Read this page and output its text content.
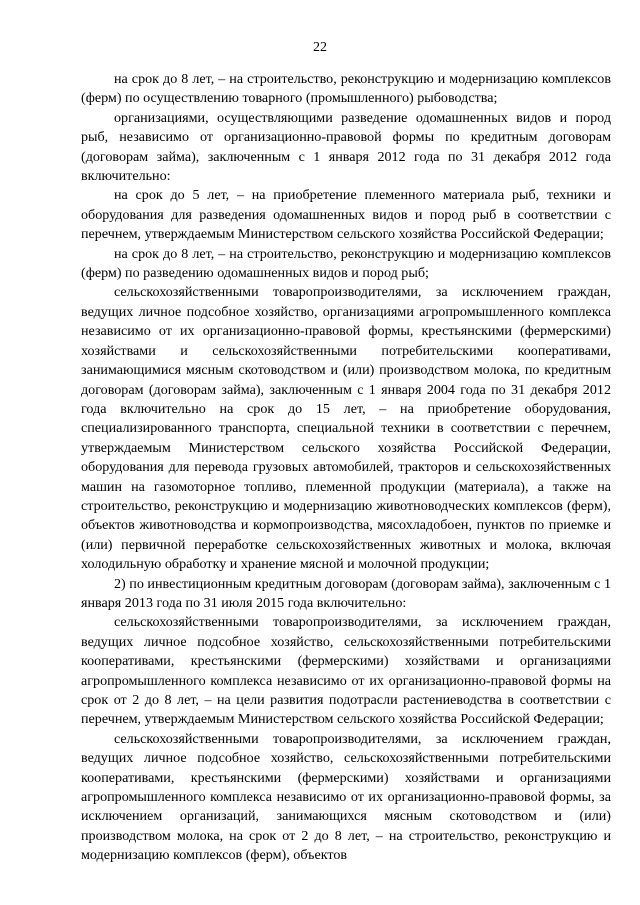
22

на срок до 8 лет, – на строительство, реконструкцию и модернизацию комплексов (ферм) по осуществлению товарного (промышленного) рыбоводства;

организациями, осуществляющими разведение одомашненных видов и пород рыб, независимо от организационно-правовой формы по кредитным договорам (договорам займа), заключенным с 1 января 2012 года по 31 декабря 2012 года включительно:

на срок до 5 лет, – на приобретение племенного материала рыб, техники и оборудования для разведения одомашненных видов и пород рыб в соответствии с перечнем, утверждаемым Министерством сельского хозяйства Российской Федерации;

на срок до 8 лет, – на строительство, реконструкцию и модернизацию комплексов (ферм) по разведению одомашненных видов и пород рыб;

сельскохозяйственными товаропроизводителями, за исключением граждан, ведущих личное подсобное хозяйство, организациями агропромышленного комплекса независимо от их организационно-правовой формы, крестьянскими (фермерскими) хозяйствами и сельскохозяйственными потребительскими кооперативами, занимающимися мясным скотоводством и (или) производством молока, по кредитным договорам (договорам займа), заключенным с 1 января 2004 года по 31 декабря 2012 года включительно на срок до 15 лет, – на приобретение оборудования, специализированного транспорта, специальной техники в соответствии с перечнем, утверждаемым Министерством сельского хозяйства Российской Федерации, оборудования для перевода грузовых автомобилей, тракторов и сельскохозяйственных машин на газомоторное топливо, племенной продукции (материала), а также на строительство, реконструкцию и модернизацию животноводческих комплексов (ферм), объектов животноводства и кормопроизводства, мясохладобоен, пунктов по приемке и (или) первичной переработке сельскохозяйственных животных и молока, включая холодильную обработку и хранение мясной и молочной продукции;

2) по инвестиционным кредитным договорам (договорам займа), заключенным с 1 января 2013 года по 31 июля 2015 года включительно:

сельскохозяйственными товаропроизводителями, за исключением граждан, ведущих личное подсобное хозяйство, сельскохозяйственными потребительскими кооперативами, крестьянскими (фермерскими) хозяйствами и организациями агропромышленного комплекса независимо от их организационно-правовой формы на срок от 2 до 8 лет, – на цели развития подотрасли растениеводства в соответствии с перечнем, утверждаемым Министерством сельского хозяйства Российской Федерации;

сельскохозяйственными товаропроизводителями, за исключением граждан, ведущих личное подсобное хозяйство, сельскохозяйственными потребительскими кооперативами, крестьянскими (фермерскими) хозяйствами и организациями агропромышленного комплекса независимо от их организационно-правовой формы, за исключением организаций, занимающихся мясным скотоводством и (или) производством молока, на срок от 2 до 8 лет, – на строительство, реконструкцию и модернизацию комплексов (ферм), объектов
